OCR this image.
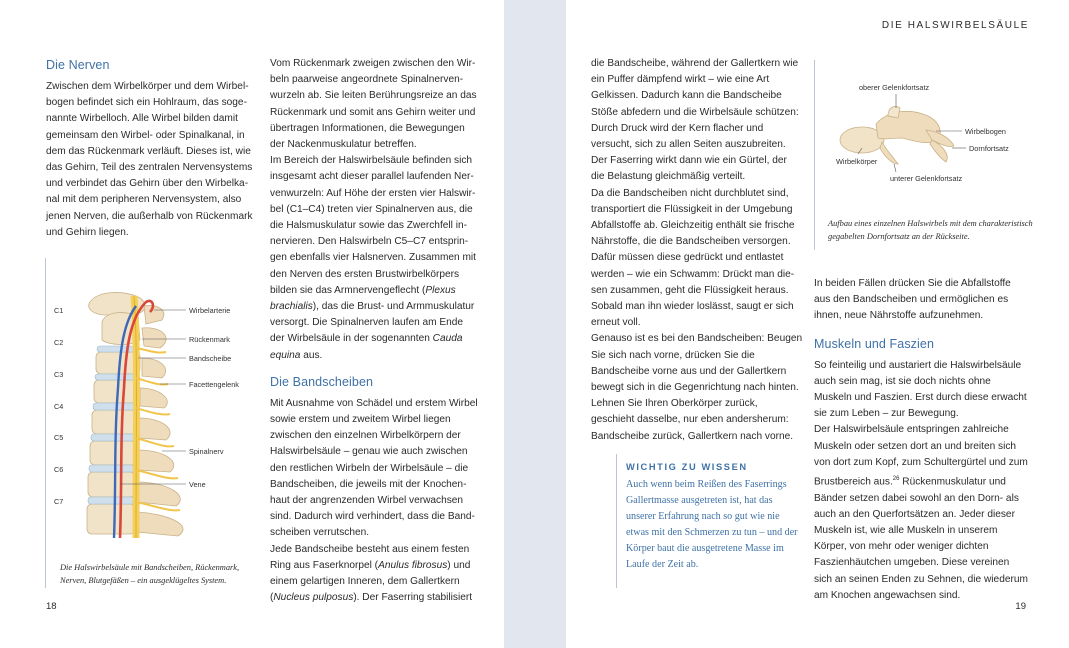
Die Nerven

Zwischen dem Wirbelkörper und dem Wirbelbogen befindet sich ein Hohlraum, das sogenannte Wirbelloch. Alle Wirbel bilden damit gemeinsam den Wirbel- oder Spinalkanal, in dem das Rückenmark verläuft. Dieses ist, wie das Gehirn, Teil des zentralen Nervensystems und verbindet das Gehirn über den Wirbelkanal mit dem peripheren Nervensystem, also jenen Nerven, die außerhalb von Rückenmark und Gehirn liegen.

C1
C2
C3
C4
C5
C6
C7
Wirbelarterie
Rückenmark
Bandscheibe
Facettengelenk
Spinalnerv
Vene
Die Halswirbelsäule mit Bandscheiben, Rückenmark, Nerven, Blutgefäßen – ein ausgeklügeltes System.

Vom Rückenmark zweigen zwischen den Wirbeln paarweise angeordnete Spinalnervenwurzeln ab. Sie leiten Berührungsreize an das Rückenmark und somit ans Gehirn weiter und übertragen Informationen, die Bewegungen der Nackenmuskulatur betreffen.

Im Bereich der Halswirbelsäule befinden sich insgesamt acht dieser parallel laufenden Nervenwurzeln: Auf Höhe der ersten vier Halswirbel (C1–C4) treten vier Spinalnerven aus, die die Halsmuskulatur sowie das Zwerchfell innervieren. Den Halswirbeln C5–C7 entspringen ebenfalls vier Halsnerven. Zusammen mit den Nerven des ersten Brustwirbelkörpers bilden sie das Armnervengeflecht (Plexus brachialis), das die Brust- und Armmuskulatur versorgt. Die Spinalnerven laufen am Ende der Wirbelsäule in der sogenannten Cauda equina aus.

Die Bandscheiben

Mit Ausnahme von Schädel und erstem Wirbel sowie erstem und zweitem Wirbel liegen zwischen den einzelnen Wirbelkörpern der Halswirbelsäule – genau wie auch zwischen den restlichen Wirbeln der Wirbelsäule – die Bandscheiben, die jeweils mit der Knochenhaut der angrenzenden Wirbel verwachsen sind. Dadurch wird verhindert, dass die Bandscheiben verrutschen.

Jede Bandscheibe besteht aus einem festen Ring aus Faserknorpel (Anulus fibrosus) und einem gelartigen Inneren, dem Gallertkern (Nucleus pulposus). Der Faserring stabilisiert

18
DIE HALSWIRBELSÄULE

die Bandscheibe, während der Gallertkern wie ein Puffer dämpfend wirkt – wie eine Art Gelkissen. Dadurch kann die Bandscheibe Stöße abfedern und die Wirbelsäule schützen: Durch Druck wird der Kern flacher und versucht, sich zu allen Seiten auszubreiten. Der Faserring wirkt dann wie ein Gürtel, der die Belastung gleichmäßig verteilt.

Da die Bandscheiben nicht durchblutet sind, transportiert die Flüssigkeit in der Umgebung Abfallstoffe ab. Gleichzeitig enthält sie frische Nährstoffe, die die Bandscheiben versorgen. Dafür müssen diese gedrückt und entlastet werden – wie ein Schwamm: Drückt man diesen zusammen, geht die Flüssigkeit heraus. Sobald man ihn wieder loslässt, saugt er sich erneut voll.

Genauso ist es bei den Bandscheiben: Beugen Sie sich nach vorne, drücken Sie die Bandscheibe vorne aus und der Gallertkern bewegt sich in die Gegenrichtung nach hinten. Lehnen Sie Ihren Oberkörper zurück, geschieht dasselbe, nur eben andersherum: Bandscheibe zurück, Gallertkern nach vorne.

WICHTIG ZU WISSEN
Auch wenn beim Reißen des Faserrings Gallertmasse ausgetreten ist, hat das unserer Erfahrung nach so gut wie nie etwas mit den Schmerzen zu tun – und der Körper baut die ausgetretene Masse im Laufe der Zeit ab.
oberer Gelenkfortsatz
Wirbelbogen
Dornfortsatz
Wirbelkörper
unterer Gelenkfortsatz
Aufbau eines einzelnen Halswirbels mit dem charakteristisch gegabelten Dornfortsatz an der Rückseite.

In beiden Fällen drücken Sie die Abfallstoffe aus den Bandscheiben und ermöglichen es ihnen, neue Nährstoffe aufzunehmen.

Muskeln und Faszien

So feinteilig und austariert die Halswirbelsäule auch sein mag, ist sie doch nichts ohne Muskeln und Faszien. Erst durch diese erwacht sie zum Leben – zur Bewegung.

Der Halswirbelsäule entspringen zahlreiche Muskeln oder setzen dort an und breiten sich von dort zum Kopf, zum Schultergürtel und zum Brustbereich aus.$^{26}$ Rückenmuskulatur und Bänder setzen dabei sowohl an den Dorn- als auch an den Querfortsätzen an. Jeder dieser Muskeln ist, wie alle Muskeln in unserem Körper, von mehr oder weniger dichten Faszienhäutchen umgeben. Diese vereinen sich an seinen Enden zu Sehnen, die wiederum am Knochen angewachsen sind.

19
